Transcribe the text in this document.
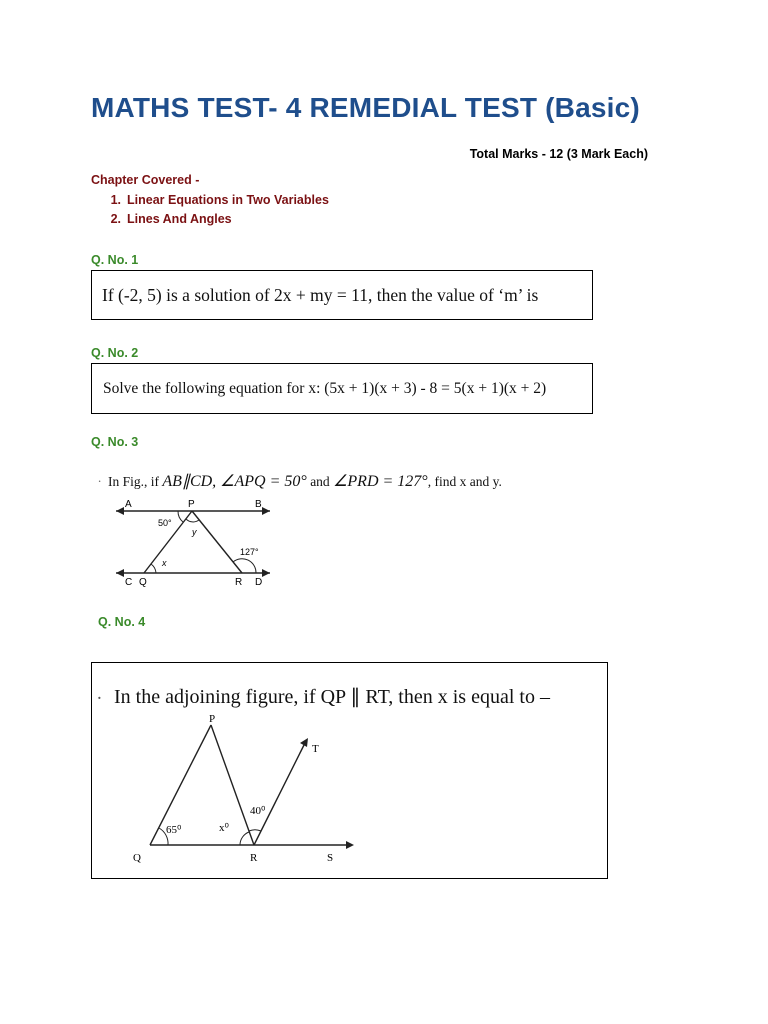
MATHS TEST- 4 REMEDIAL TEST (Basic)
Total Marks - 12 (3 Mark Each)
Chapter Covered -
1. Linear Equations in Two Variables
2. Lines And Angles
Q. No. 1
If (-2, 5) is a solution of 2x + my = 11, then the value of ‘m’ is
Q. No. 2
Solve the following equation for x: (5x + 1)(x + 3) - 8 = 5(x + 1)(x + 2)
Q. No. 3
. In Fig., if AB∥CD, ∠APQ = 50° and ∠PRD = 127°, find x and y.
A	P	B
C Q	R D
50°
y
x
127°
Q. No. 4
. In the adjoining figure, if QP ∥ RT, then x is equal to –
P
T
Q	R	S
65⁰	x⁰
40⁰
